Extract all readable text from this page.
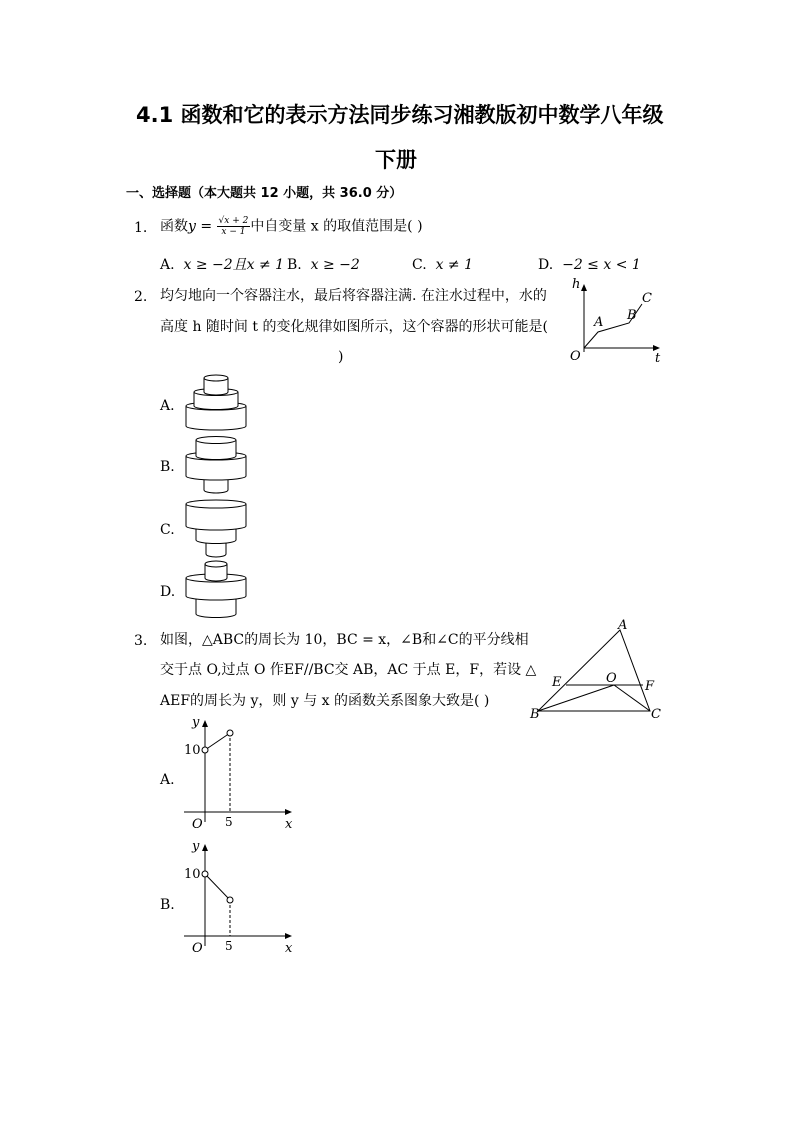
4.1 函数和它的表示方法同步练习湘教版初中数学八年级
下册
一、选择题（本大题共 12 小题，共 36.0 分）
1. 函数$y = \frac{√x + 2}{x - 1}$ 中自变量 x 的取值范围是( )
A. x ≥ −2且x ≠ 1 B. x ≥ −2	C. x ≠ 1	D. −2 ≤ x < 1
2. 均匀地向一个容器注水，最后将容器注满. 在注水过程中，水的
高度 h 随时间 t 的变化规律如图所示，这个容器的形状可能是(
)
h
t
O
A B
C
A.
B.
C.
D.
3. 如图，△ABC的周长为 10，BC = x，∠B和∠C的平分线相
交于点 O,过点 O 作EF//BC交 AB，AC 于点 E，F，若设 △
AEF的周长为 y，则 y 与 x 的函数关系图象大致是( )
A
B	C
E	F
O
A.
y
10
O 5	x
B.
y
10
O 5	x
